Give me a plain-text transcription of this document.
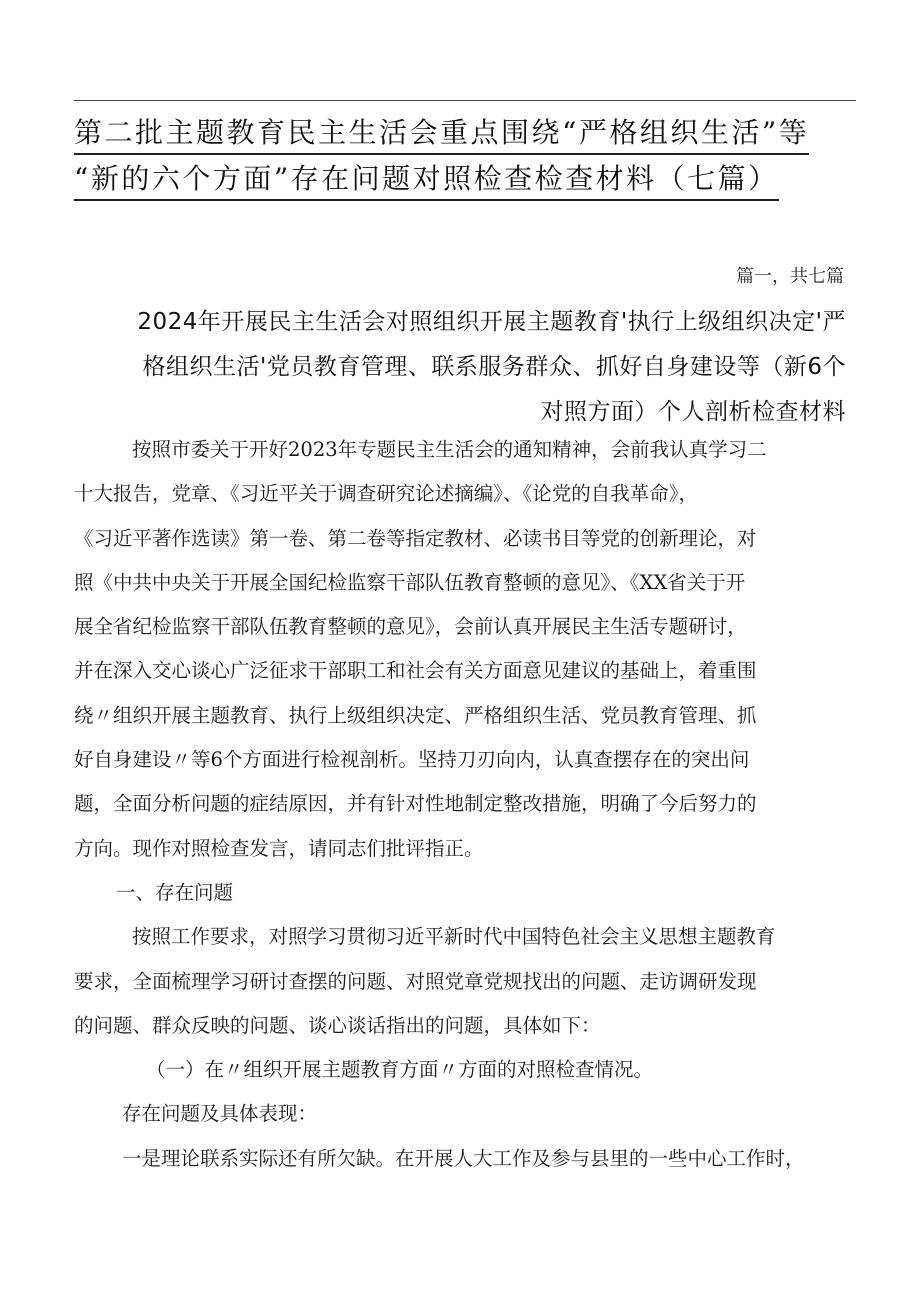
第二批主题教育民主生活会重点围绕“严格组织生活”等
“新的六个方面”存在问题对照检查检查材料（七篇）
篇一，共七篇
2024年开展民主生活会对照组织开展主题教育'执行上级组织决定'严
格组织生活'党员教育管理、联系服务群众、抓好自身建设等（新6个
对照方面）个人剖析检查材料
按照市委关于开好2023年专题民主生活会的通知精神，会前我认真学习二
十大报告，党章、《习近平关于调查研究论述摘编》、《论党的自我革命》，
《习近平著作选读》第一卷、第二卷等指定教材、必读书目等党的创新理论，对
照《中共中央关于开展全国纪检监察干部队伍教育整顿的意见》、《XX省关于开
展全省纪检监察干部队伍教育整顿的意见》，会前认真开展民主生活专题研讨，
并在深入交心谈心广泛征求干部职工和社会有关方面意见建议的基础上，着重围
绕〃组织开展主题教育、执行上级组织决定、严格组织生活、党员教育管理、抓
好自身建设〃等6个方面进行检视剖析。坚持刀刃向内，认真查摆存在的突出问
题，全面分析问题的症结原因，并有针对性地制定整改措施，明确了今后努力的
方向。现作对照检查发言，请同志们批评指正。
一、存在问题
按照工作要求，对照学习贯彻习近平新时代中国特色社会主义思想主题教育
要求，全面梳理学习研讨查摆的问题、对照党章党规找出的问题、走访调研发现
的问题、群众反映的问题、谈心谈话指出的问题，具体如下：
（一）在〃组织开展主题教育方面〃方面的对照检查情况。
存在问题及具体表现：
一是理论联系实际还有所欠缺。在开展人大工作及参与县里的一些中心工作时，
